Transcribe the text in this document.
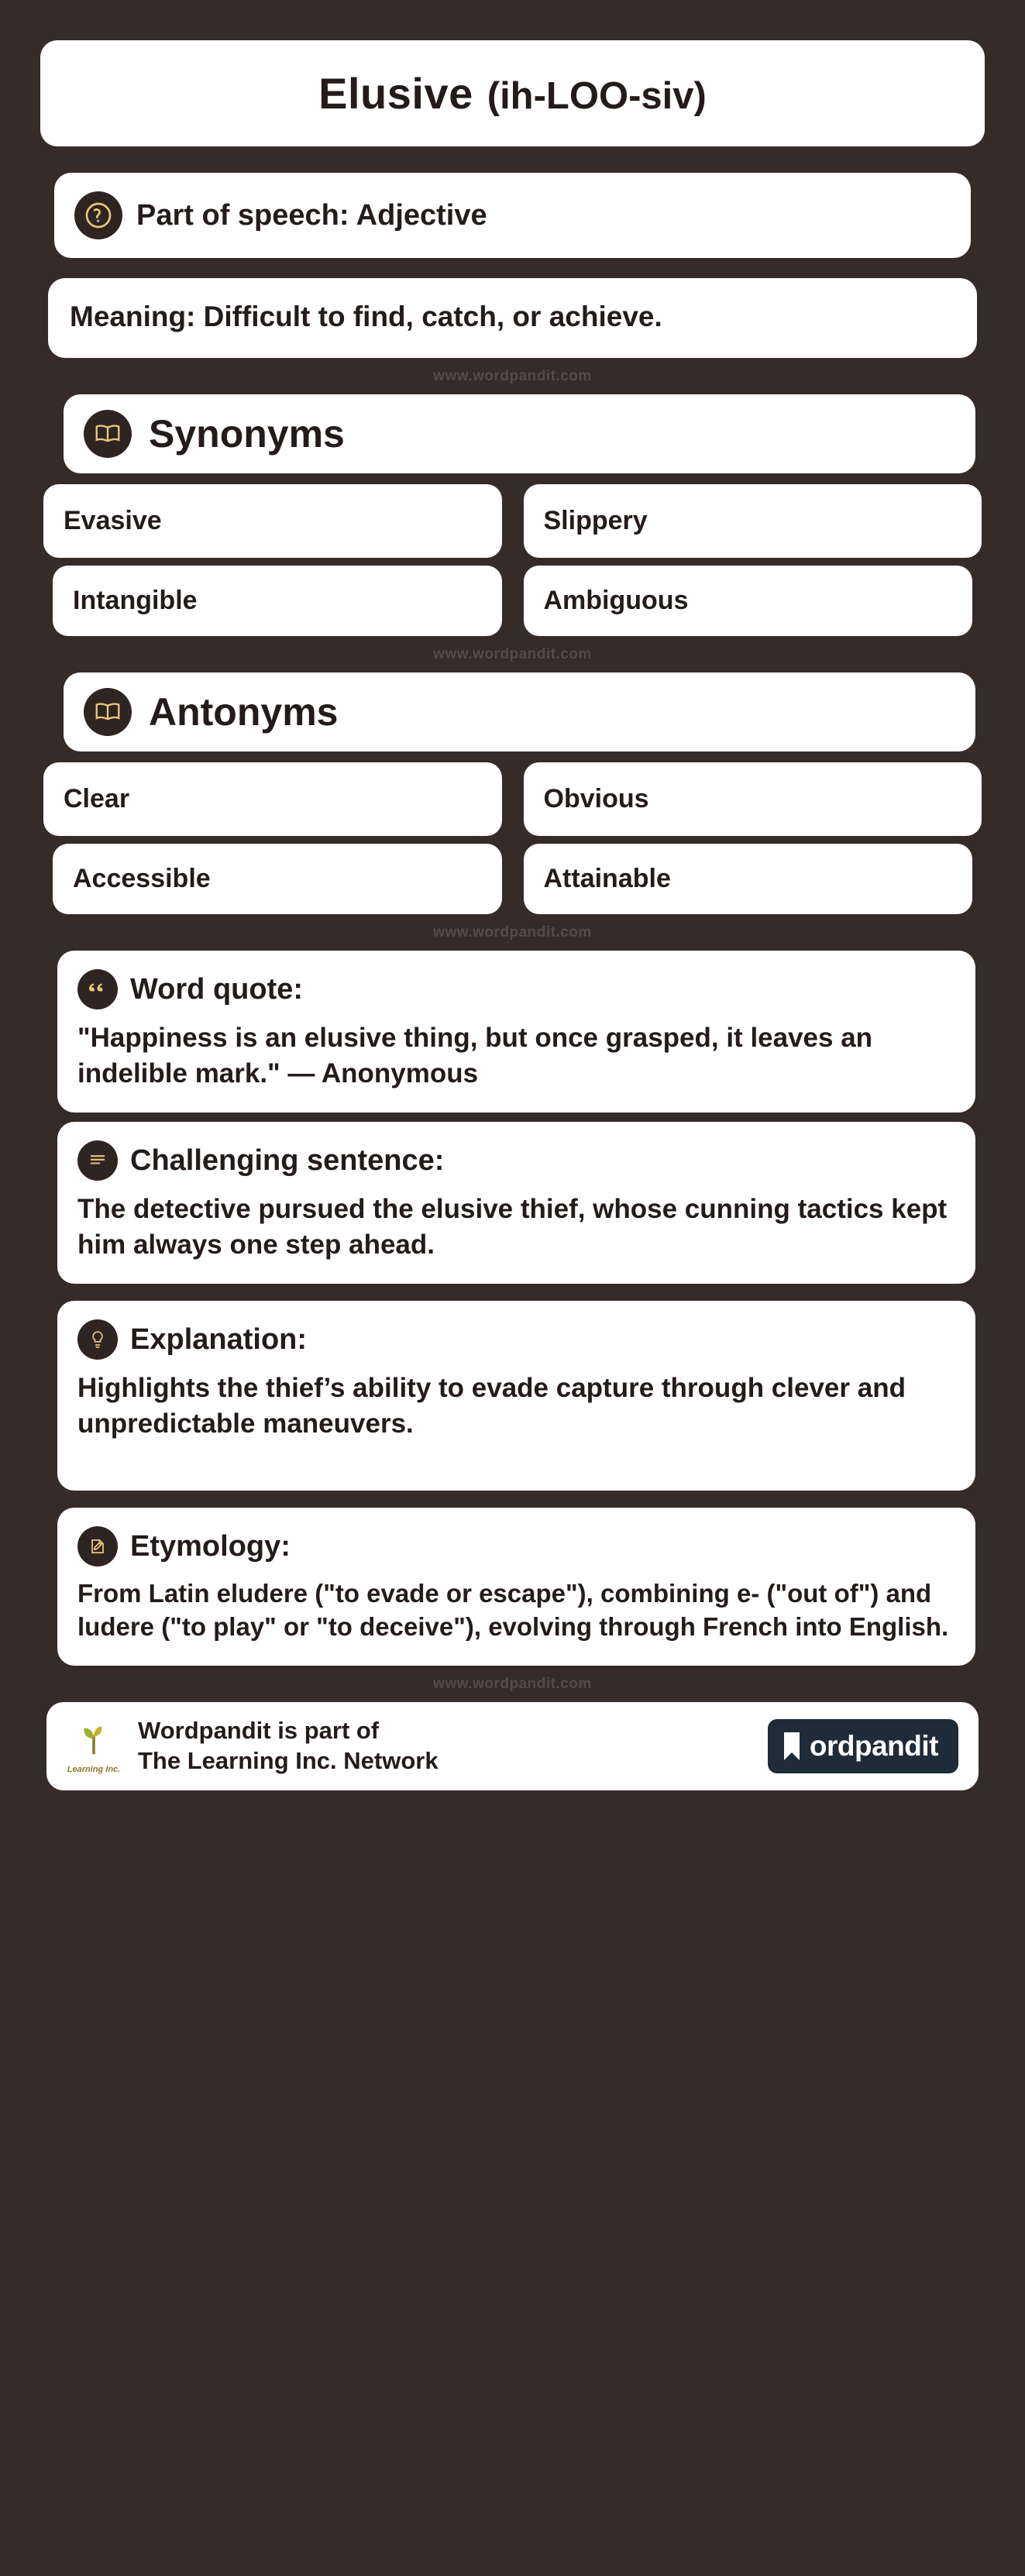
Elusive (ih-LOO-siv)
Part of speech: Adjective
Meaning: Difficult to find, catch, or achieve.
www.wordpandit.com
Synonyms
Evasive	Slippery
Intangible	Ambiguous
www.wordpandit.com
Antonyms
Clear	Obvious
Accessible	Attainable
www.wordpandit.com
Word quote:
"Happiness is an elusive thing, but once grasped, it leaves an indelible mark." — Anonymous
Challenging sentence:
The detective pursued the elusive thief, whose cunning tactics kept him always one step ahead.
Explanation:
Highlights the thief’s ability to evade capture through clever and unpredictable maneuvers.
Etymology:
From Latin eludere ("to evade or escape"), combining e- ("out of") and ludere ("to play" or "to deceive"), evolving through French into English.
www.wordpandit.com
Learning Inc.
Wordpandit is part of
The Learning Inc. Network	ordpandit
